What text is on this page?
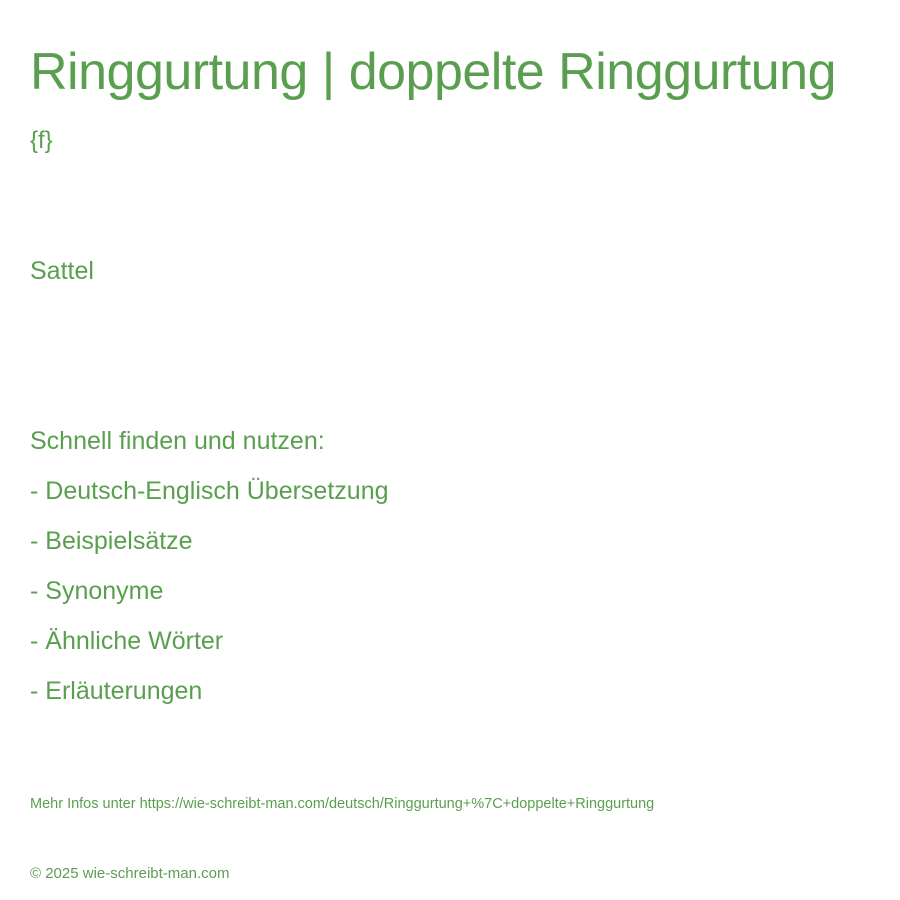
Ringgurtung | doppelte Ringgurtung
{f}
Sattel
Schnell finden und nutzen:
- Deutsch-Englisch Übersetzung
- Beispielsätze
- Synonyme
- Ähnliche Wörter
- Erläuterungen
Mehr Infos unter https://wie-schreibt-man.com/deutsch/Ringgurtung+%7C+doppelte+Ringgurtung
© 2025 wie-schreibt-man.com
